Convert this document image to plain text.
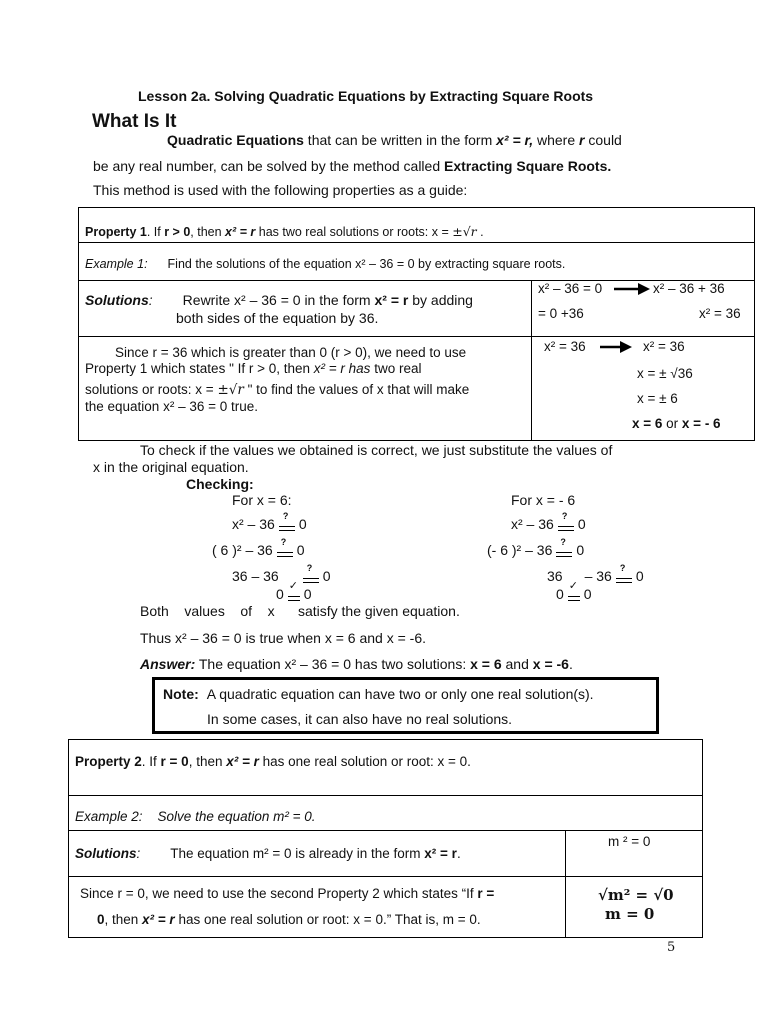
Lesson 2a. Solving Quadratic Equations by Extracting Square Roots
What Is It
Quadratic Equations that can be written in the form x² = r, where r could
be any real number, can be solved by the method called Extracting Square Roots.
This method is used with the following properties as a guide:
Property 1. If r > 0, then x² = r has two real solutions or roots: x = ±√r .
Example 1: Find the solutions of the equation x² – 36 = 0 by extracting square roots.
Solutions: Rewrite x² – 36 = 0 in the form x² = r by adding
both sides of the equation by 36.
x² – 36 = 0	x² – 36 + 36
= 0 +36	x² = 36
Since r = 36 which is greater than 0 (r > 0), we need to use
Property 1 which states " If r > 0, then x² = r has two real
solutions or roots: x = ±√r " to find the values of x that will make
the equation x² – 36 = 0 true.
x² = 36	x² = 36
x = ± √36
x = ± 6
x = 6 or x = - 6
To check if the values we obtained is correct, we just substitute the values of
x in the original equation.
Checking:
For x = 6:
x² – 36 ? 0
( 6 )² – 36 ? 0
36 – 36	? 0
0 ✓ 0
For x = - 6
x² – 36 ? 0
(- 6 )² – 36 ? 0
36 – 36 ? 0
0 ✓ 0
Both    values    of    x      satisfy the given equation.
Thus x² – 36 = 0 is true when x = 6 and x = -6.
Answer: The equation x² – 36 = 0 has two solutions: x = 6 and x = -6.
Note: A quadratic equation can have two or only one real solution(s).
In some cases, it can also have no real solutions.
Property 2. If r = 0, then x² = r has one real solution or root: x = 0.
Example 2: Solve the equation m² = 0.
Solutions: The equation m² = 0 is already in the form x² = r.
m ² = 0
Since r = 0, we need to use the second Property 2 which states “If r =
0, then x² = r has one real solution or root: x = 0.” That is, m = 0.
√m² = √0
m = 0
5
